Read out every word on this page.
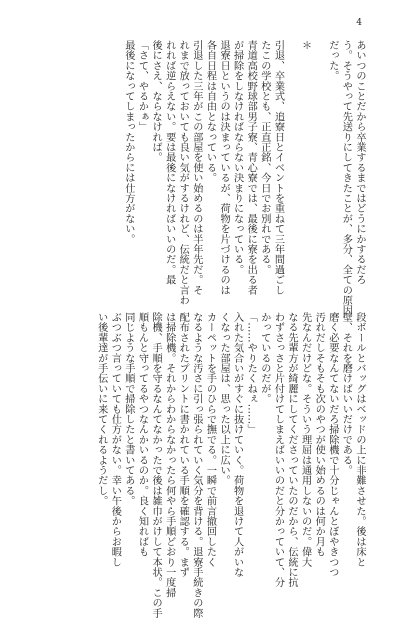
4
あいつのことだから卒業するまではどうにかするだろ
う。そうやって先送りにしてきたことが、多分、全ての原因
だった。

＊

引退、卒業式、追寮日とイベントを重ねて三年間過ごし
たこの学校とも、正直正銘、今日でお別れである。
青道高校野球部男子寮、青心寮では、最後に寮を出る者
が掃除をしなければならない決まりになっている。
退寮日というのは決まっているが、荷物を片づけるのは
各自日程は自由となっている。
引退した三年がこの部屋を使い始めるのは半年先だ。そ
れまで放っておいても良い気がするけれど、伝統だと言わ
れれば逆らえない。要は最後になければいいのだ。最
後にさえ、ならなければ。
「さて、やるかぁ」
最後になってしまったからには仕方がない。
段ボールとバッグはベッドの上に非難させた。後は床と
壁、それを磨けばいいだけである。
磨く必要なんてないだろ掃除機で十分じゃんとぼやきつつ
汚れだしそもそも次のやつが使い始めるのは何か月も
先なんだけどな。そういう理屈は通用しないのだ。偉大
なる先輩方が綺麗にしてくださっていたのだから、伝統に抗
わずさっさと片付けてしまえばいいのだと分かっていて、分
かっているのだが。
「……やりたくねぇ……」
入れた気合いがすぐに抜けていく。荷物を退けて人がいな
くなった部屋は、思った以上に広い。
カーペットを手のひらで撫でる。一瞬で前言撤回したく
なるような汚さに引っ張られていく気分を背ける。退寮手続きの際
配布されたプリントに書かれている手順を確認する。まず
は掃除機。それからわからなかったら何やら手順どおり一度掃
除機、手順を守るなんてなかったで後は雑巾がけして本状。この手
順もんと守ってるやつなんかいるのか。良く知ればも
同じような手順で掃除したと書いてある。
ぶつぶつ言っていても仕方がない。幸い午後からお暇し
い後輩達が手伝いに来てくれるようだし。
